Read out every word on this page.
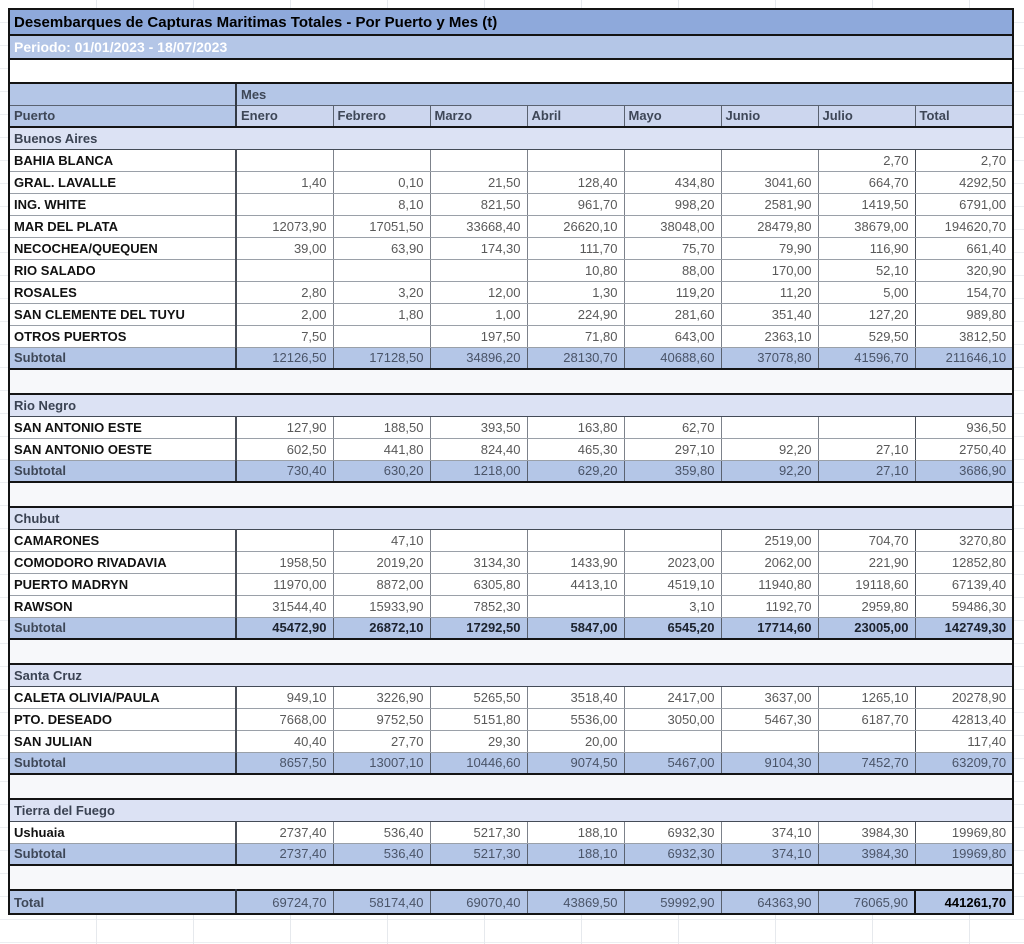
Desembarques de Capturas Maritimas Totales - Por Puerto y Mes (t)								
Periodo: 01/01/2023 - 18/07/2023								

	Mes							
Puerto	Enero	Febrero	Marzo	Abril	Mayo	Junio	Julio	Total
Buenos Aires								
BAHIA BLANCA							2,70	2,70
GRAL. LAVALLE	1,40	0,10	21,50	128,40	434,80	3041,60	664,70	4292,50
ING. WHITE		8,10	821,50	961,70	998,20	2581,90	1419,50	6791,00
MAR DEL PLATA	12073,90	17051,50	33668,40	26620,10	38048,00	28479,80	38679,00	194620,70
NECOCHEA/QUEQUEN	39,00	63,90	174,30	111,70	75,70	79,90	116,90	661,40
RIO SALADO				10,80	88,00	170,00	52,10	320,90
ROSALES	2,80	3,20	12,00	1,30	119,20	11,20	5,00	154,70
SAN CLEMENTE DEL TUYU	2,00	1,80	1,00	224,90	281,60	351,40	127,20	989,80
OTROS PUERTOS	7,50		197,50	71,80	643,00	2363,10	529,50	3812,50
Subtotal	12126,50	17128,50	34896,20	28130,70	40688,60	37078,80	41596,70	211646,10

Rio Negro								
SAN ANTONIO ESTE	127,90	188,50	393,50	163,80	62,70			936,50
SAN ANTONIO OESTE	602,50	441,80	824,40	465,30	297,10	92,20	27,10	2750,40
Subtotal	730,40	630,20	1218,00	629,20	359,80	92,20	27,10	3686,90

Chubut								
CAMARONES		47,10				2519,00	704,70	3270,80
COMODORO RIVADAVIA	1958,50	2019,20	3134,30	1433,90	2023,00	2062,00	221,90	12852,80
PUERTO MADRYN	11970,00	8872,00	6305,80	4413,10	4519,10	11940,80	19118,60	67139,40
RAWSON	31544,40	15933,90	7852,30		3,10	1192,70	2959,80	59486,30
Subtotal	45472,90	26872,10	17292,50	5847,00	6545,20	17714,60	23005,00	142749,30

Santa Cruz								
CALETA OLIVIA/PAULA	949,10	3226,90	5265,50	3518,40	2417,00	3637,00	1265,10	20278,90
PTO. DESEADO	7668,00	9752,50	5151,80	5536,00	3050,00	5467,30	6187,70	42813,40
SAN JULIAN	40,40	27,70	29,30	20,00				117,40
Subtotal	8657,50	13007,10	10446,60	9074,50	5467,00	9104,30	7452,70	63209,70

Tierra del Fuego								
Ushuaia	2737,40	536,40	5217,30	188,10	6932,30	374,10	3984,30	19969,80
Subtotal	2737,40	536,40	5217,30	188,10	6932,30	374,10	3984,30	19969,80

Total	69724,70	58174,40	69070,40	43869,50	59992,90	64363,90	76065,90	441261,70
